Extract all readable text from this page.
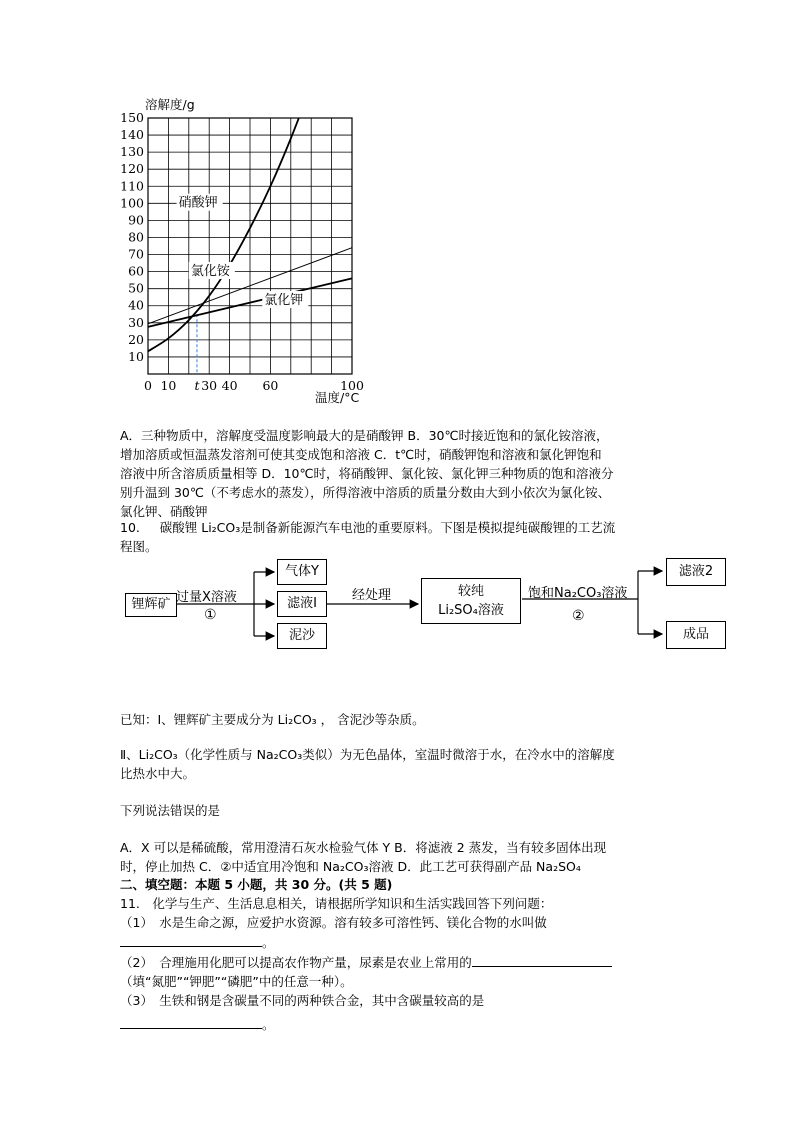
溶解度/g
150
140
130
120
110
100
90
80
70
60
50
40
30
20
10
0 10 t 30 40 60	100
硝酸钾
氯化铵
氯化钾
温度/°C
A．三种物质中，溶解度受温度影响最大的是硝酸钾 B．30℃时接近饱和的氯化铵溶液，
增加溶质或恒温蒸发溶剂可使其变成饱和溶液 C．t℃时，硝酸钾饱和溶液和氯化钾饱和
溶液中所含溶质质量相等 D．10℃时，将硝酸钾、氯化铵、氯化钾三种物质的饱和溶液分
别升温到 30℃（不考虑水的蒸发），所得溶液中溶质的质量分数由大到小依次为氯化铵、
氯化钾、硝酸钾
10. 碳酸锂 Li₂CO₃是制备新能源汽车电池的重要原料。下图是模拟提纯碳酸锂的工艺流
程图。
锂辉矿 过量X溶液
①
气体Y
滤液I
泥沙
经处理	较纯
Li₂SO₄溶液
饱和Na₂CO₃溶液
②
滤液2
成品
已知：Ⅰ、锂辉矿主要成分为 Li₂CO₃ ， 含泥沙等杂质。
Ⅱ、Li₂CO₃（化学性质与 Na₂CO₃类似）为无色晶体，室温时微溶于水，在冷水中的溶解度
比热水中大。
下列说法错误的是
A．X 可以是稀硫酸，常用澄清石灰水检验气体 Y B．将滤液 2 蒸发，当有较多固体出现
时，停止加热 C．②中适宜用冷饱和 Na₂CO₃溶液 D．此工艺可获得副产品 Na₂SO₄
二、填空题：本题 5 小题，共 30 分。(共 5 题)
11.　化学与生产、生活息息相关，请根据所学知识和生活实践回答下列问题：
（1）　水是生命之源，应爱护水资源。溶有较多可溶性钙、镁化合物的水叫做
。
（2）　合理施用化肥可以提高农作物产量，尿素是农业上常用的
（填“氮肥”“钾肥”“磷肥”中的任意一种）。
（3）　生铁和钢是含碳量不同的两种铁合金，其中含碳量较高的是
。
